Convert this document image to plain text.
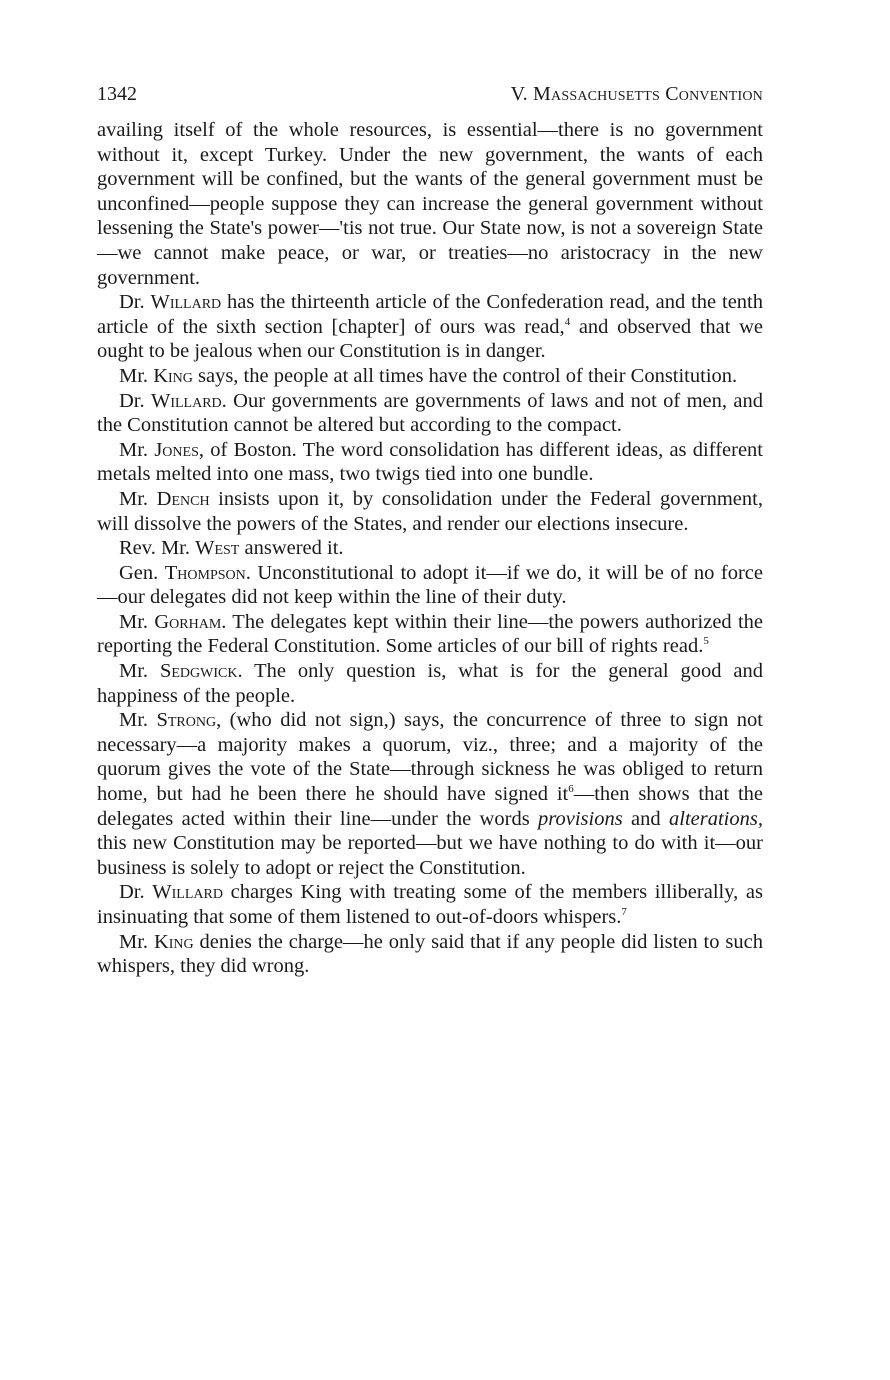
1342	V. Massachusetts Convention

availing itself of the whole resources, is essential—there is no government without it, except Turkey. Under the new government, the wants of each government will be confined, but the wants of the general government must be unconfined—people suppose they can increase the general government without lessening the State's power—'tis not true. Our State now, is not a sovereign State—we cannot make peace, or war, or treaties—no aristocracy in the new government.

Dr. Willard has the thirteenth article of the Confederation read, and the tenth article of the sixth section [chapter] of ours was read,$^4$ and observed that we ought to be jealous when our Constitution is in danger.

Mr. King says, the people at all times have the control of their Constitution.

Dr. Willard. Our governments are governments of laws and not of men, and the Constitution cannot be altered but according to the compact.

Mr. Jones, of Boston. The word consolidation has different ideas, as different metals melted into one mass, two twigs tied into one bundle.

Mr. Dench insists upon it, by consolidation under the Federal government, will dissolve the powers of the States, and render our elections insecure.

Rev. Mr. West answered it.

Gen. Thompson. Unconstitutional to adopt it—if we do, it will be of no force—our delegates did not keep within the line of their duty.

Mr. Gorham. The delegates kept within their line—the powers authorized the reporting the Federal Constitution. Some articles of our bill of rights read.$^5$

Mr. Sedgwick. The only question is, what is for the general good and happiness of the people.

Mr. Strong, (who did not sign,) says, the concurrence of three to sign not necessary—a majority makes a quorum, viz., three; and a majority of the quorum gives the vote of the State—through sickness he was obliged to return home, but had he been there he should have signed $it^6—then$ shows that the delegates acted within their line—under the words provisions and alterations, this new Constitution may be reported—but we have nothing to do with it—our business is solely to adopt or reject the Constitution.

Dr. Willard charges King with treating some of the members illiberally, as insinuating that some of them listened to out-of-doors whispers.$^7$

Mr. King denies the charge—he only said that if any people did listen to such whispers, they did wrong.
